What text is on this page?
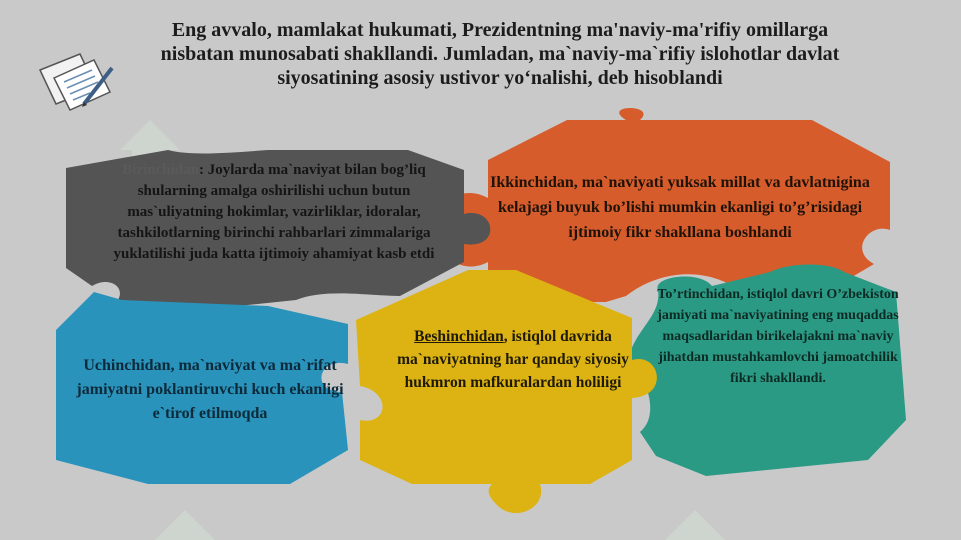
Eng avvalo, mamlakat hukumati, Prezidentning ma'naviy-ma'rifiy omillarga nisbatan munosabati shakllandi. Jumladan, ma`naviy-ma`rifiy islohotlar davlat siyosatining asosiy ustivor yo‘nalishi, deb hisoblandi
Birinchidan: Joylarda ma`naviyat bilan bog’liq shularning amalga oshirilishi uchun butun mas`uliyatning hokimlar, vazirliklar, idoralar, tashkilotlarning birinchi rahbarlari zimmalariga yuklatilishi juda katta ijtimoiy ahamiyat kasb etdi
Ikkinchidan, ma`naviyati yuksak millat va davlatnigina kelajagi buyuk bo’lishi mumkin ekanligi to’g’risidagi ijtimoiy fikr shakllana boshlandi
Uchinchidan, ma`naviyat va ma`rifat jamiyatni poklantiruvchi kuch ekanligi e`tirof etilmoqda
Beshinchidan, istiqlol davrida ma`naviyatning har qanday siyosiy hukmron mafkuralardan holiligi
To’rtinchidan, istiqlol davri O’zbekiston jamiyati ma`naviyatining eng muqaddas maqsadlaridan birikelajakni ma`naviy jihatdan mustahkamlovchi jamoatchilik fikri shakllandi.
